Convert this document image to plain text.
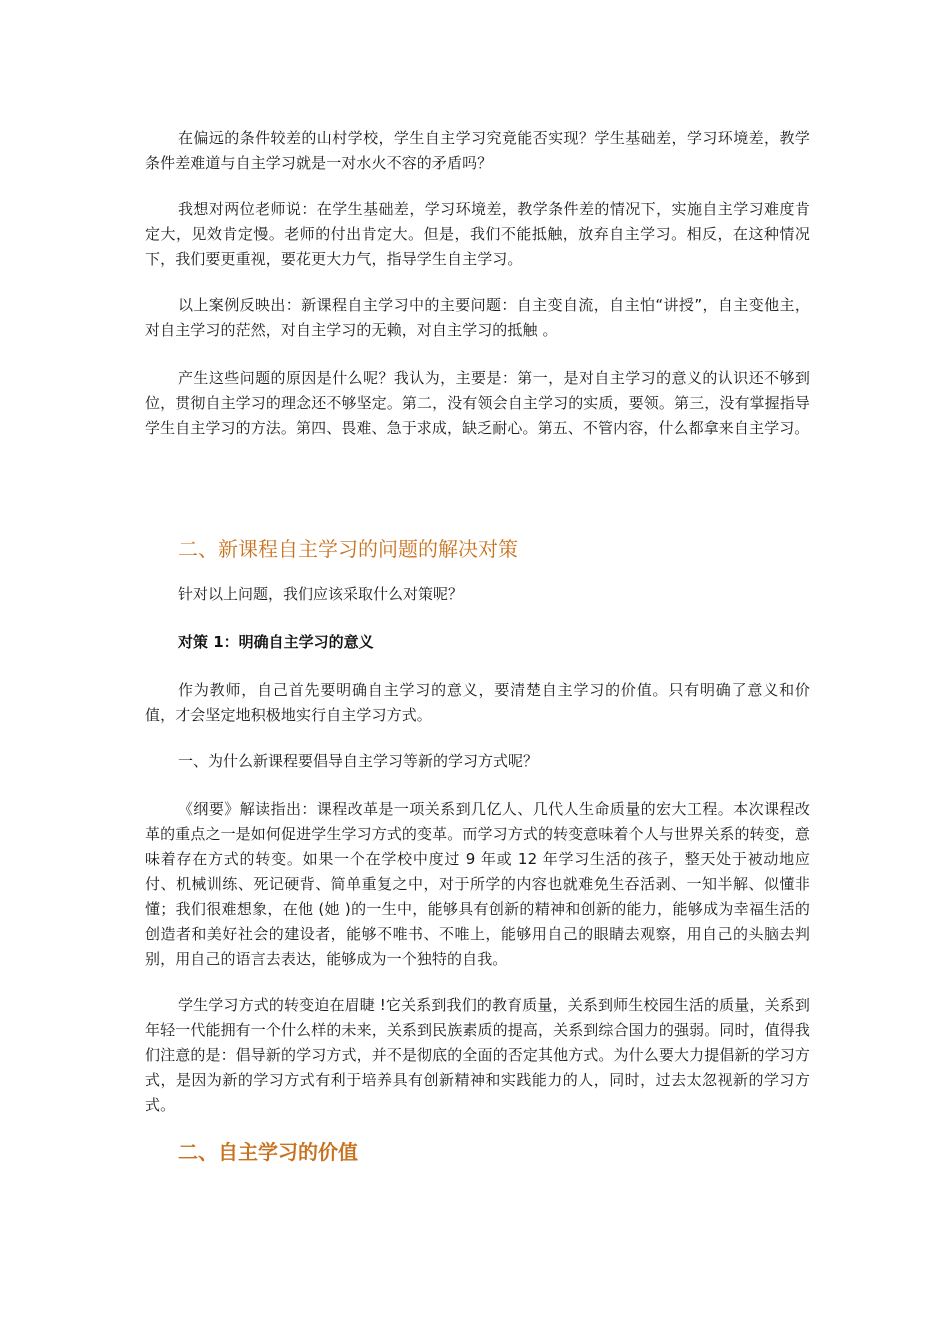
在偏远的条件较差的山村学校，学生自主学习究竟能否实现？学生基础差，学习环境差，教学条件差难道与自主学习就是一对水火不容的矛盾吗？

我想对两位老师说：在学生基础差，学习环境差，教学条件差的情况下，实施自主学习难度肯定大，见效肯定慢。老师的付出肯定大。但是，我们不能抵触，放弃自主学习。相反，在这种情况下，我们要更重视，要花更大力气，指导学生自主学习。

以上案例反映出：新课程自主学习中的主要问题：自主变自流，自主怕“讲授”，自主变他主，对自主学习的茫然，对自主学习的无赖，对自主学习的抵触 。

产生这些问题的原因是什么呢？我认为，主要是：第一，是对自主学习的意义的认识还不够到位，贯彻自主学习的理念还不够坚定。第二，没有领会自主学习的实质，要领。第三，没有掌握指导学生自主学习的方法。第四、畏难、急于求成，缺乏耐心。第五、不管内容，什么都拿来自主学习。

二、新课程自主学习的问题的解决对策

针对以上问题，我们应该采取什么对策呢？

对策 1：明确自主学习的意义

作为教师，自己首先要明确自主学习的意义，要清楚自主学习的价值。只有明确了意义和价值，才会坚定地积极地实行自主学习方式。

一、为什么新课程要倡导自主学习等新的学习方式呢？

《纲要》解读指出：课程改革是一项关系到几亿人、几代人生命质量的宏大工程。本次课程改革的重点之一是如何促进学生学习方式的变革。而学习方式的转变意味着个人与世界关系的转变，意味着存在方式的转变。如果一个在学校中度过 9 年或 12 年学习生活的孩子，整天处于被动地应付、机械训练、死记硬背、简单重复之中，对于所学的内容也就难免生吞活剥、一知半解、似懂非懂；我们很难想象，在他 (她 )的一生中，能够具有创新的精神和创新的能力，能够成为幸福生活的创造者和美好社会的建设者，能够不唯书、不唯上，能够用自己的眼睛去观察，用自己的头脑去判别，用自己的语言去表达，能够成为一个独特的自我。

学生学习方式的转变迫在眉睫 !它关系到我们的教育质量，关系到师生校园生活的质量，关系到年轻一代能拥有一个什么样的未来，关系到民族素质的提高，关系到综合国力的强弱。同时，值得我们注意的是：倡导新的学习方式，并不是彻底的全面的否定其他方式。为什么要大力提倡新的学习方式，是因为新的学习方式有利于培养具有创新精神和实践能力的人，同时，过去太忽视新的学习方式。

二、自主学习的价值
